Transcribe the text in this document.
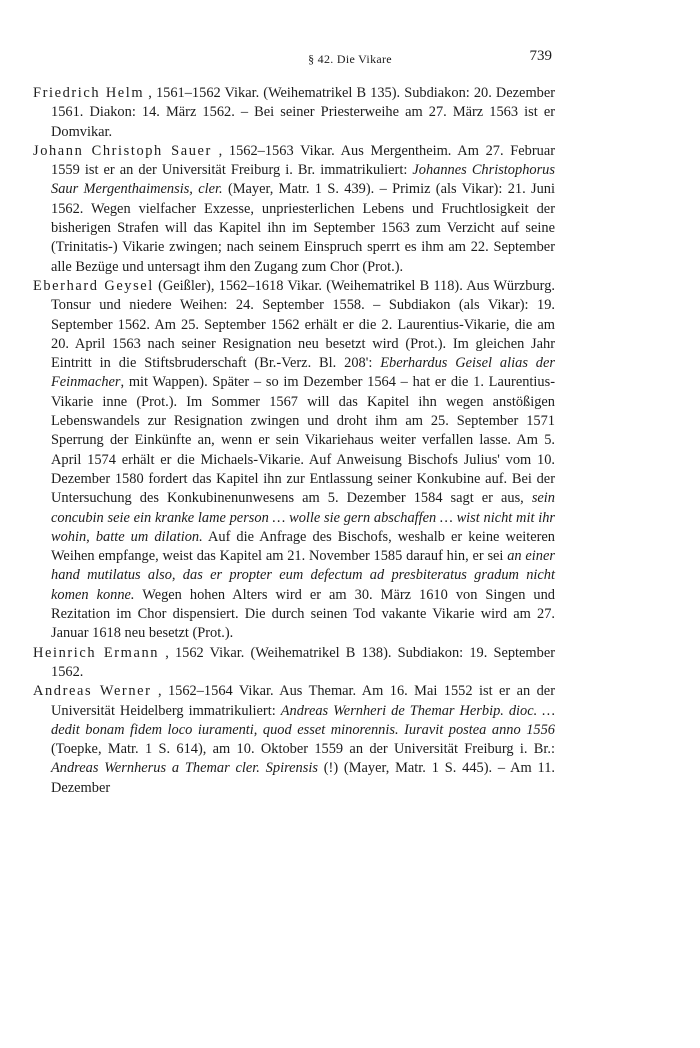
§ 42. Die Vikare	739

Friedrich Helm , 1561–1562 Vikar. (Weihematrikel B 135). Subdiakon: 20. Dezember 1561. Diakon: 14. März 1562. – Bei seiner Priesterweihe am 27. März 1563 ist er Domvikar.

Johann Christoph Sauer , 1562–1563 Vikar. Aus Mergentheim. Am 27. Februar 1559 ist er an der Universität Freiburg i. Br. immatrikuliert: Johannes Christophorus Saur Mergenthaimensis, cler. (Mayer, Matr. 1 S. 439). – Primiz (als Vikar): 21. Juni 1562. Wegen vielfacher Exzesse, unpriesterlichen Lebens und Fruchtlosigkeit der bisherigen Strafen will das Kapitel ihn im September 1563 zum Verzicht auf seine (Trinitatis-) Vikarie zwingen; nach seinem Einspruch sperrt es ihm am 22. September alle Bezüge und untersagt ihm den Zugang zum Chor (Prot.).

Eberhard Geysel (Geißler), 1562–1618 Vikar. (Weihematrikel B 118). Aus Würzburg. Tonsur und niedere Weihen: 24. September 1558. – Subdiakon (als Vikar): 19. September 1562. Am 25. September 1562 erhält er die 2. Laurentius-Vikarie, die am 20. April 1563 nach seiner Resignation neu besetzt wird (Prot.). Im gleichen Jahr Eintritt in die Stiftsbruderschaft (Br.-Verz. Bl. 208': Eberhardus Geisel alias der Feinmacher, mit Wappen). Später – so im Dezember 1564 – hat er die 1. Laurentius-Vikarie inne (Prot.). Im Sommer 1567 will das Kapitel ihn wegen anstößigen Lebenswandels zur Resignation zwingen und droht ihm am 25. September 1571 Sperrung der Einkünfte an, wenn er sein Vikariehaus weiter verfallen lasse. Am 5. April 1574 erhält er die Michaels-Vikarie. Auf Anweisung Bischofs Julius' vom 10. Dezember 1580 fordert das Kapitel ihn zur Entlassung seiner Konkubine auf. Bei der Untersuchung des Konkubinenunwesens am 5. Dezember 1584 sagt er aus, sein concubin seie ein kranke lame person … wolle sie gern abschaffen … wist nicht mit ihr wohin, batte um dilation. Auf die Anfrage des Bischofs, weshalb er keine weiteren Weihen empfange, weist das Kapitel am 21. November 1585 darauf hin, er sei an einer hand mutilatus also, das er propter eum defectum ad presbiteratus gradum nicht komen konne. Wegen hohen Alters wird er am 30. März 1610 von Singen und Rezitation im Chor dispensiert. Die durch seinen Tod vakante Vikarie wird am 27. Januar 1618 neu besetzt (Prot.).

Heinrich Ermann , 1562 Vikar. (Weihematrikel B 138). Subdiakon: 19. September 1562.

Andreas Werner , 1562–1564 Vikar. Aus Themar. Am 16. Mai 1552 ist er an der Universität Heidelberg immatrikuliert: Andreas Wernheri de Themar Herbip. dioc. … dedit bonam fidem loco iuramenti, quod esset minorennis. Iuravit postea anno 1556 (Toepke, Matr. 1 S. 614), am 10. Oktober 1559 an der Universität Freiburg i. Br.: Andreas Wernherus a Themar cler. Spirensis (!) (Mayer, Matr. 1 S. 445). – Am 11. Dezember
